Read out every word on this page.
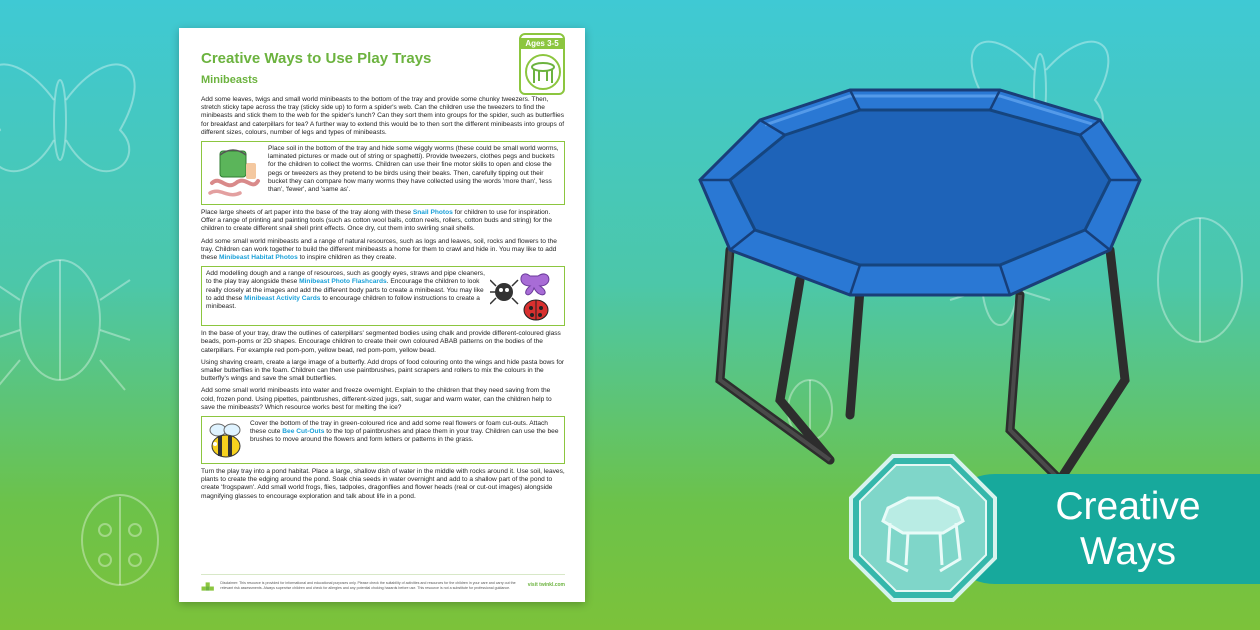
Creative Ways to Use Play Trays
Minibeasts
Ages 3-5
Add some leaves, twigs and small world minibeasts to the bottom of the tray and provide some chunky tweezers. Then, stretch sticky tape across the tray (sticky side up) to form a spider's web. Can the children use the tweezers to find the minibeasts and stick them to the web for the spider's lunch? Can they sort them into groups for the spider, such as butterflies for breakfast and caterpillars for tea? A further way to extend this would be to then sort the different minibeasts into groups of different sizes, colours, number of legs and types of minibeasts.
Place soil in the bottom of the tray and hide some wiggly worms (these could be small world worms, laminated pictures or made out of string or spaghetti). Provide tweezers, clothes pegs and buckets for the children to collect the worms. Children can use their fine motor skills to open and close the pegs or tweezers as they pretend to be birds using their beaks. Then, carefully tipping out their bucket they can compare how many worms they have collected using the words 'more than', 'less than', 'fewer', and 'same as'.
Place large sheets of art paper into the base of the tray along with these Snail Photos for children to use for inspiration. Offer a range of printing and painting tools (such as cotton wool balls, cotton reels, rollers, cotton buds and string) for the children to create different snail shell print effects. Once dry, cut them into swirling snail shells.
Add some small world minibeasts and a range of natural resources, such as logs and leaves, soil, rocks and flowers to the tray. Children can work together to build the different minibeasts a home for them to crawl and hide in. You may like to add these Minibeast Habitat Photos to inspire children as they create.
Add modelling dough and a range of resources, such as googly eyes, straws and pipe cleaners, to the play tray alongside these Minibeast Photo Flashcards. Encourage the children to look really closely at the images and add the different body parts to create a minibeast. You may like to add these Minibeast Activity Cards to encourage children to follow instructions to create a minibeast.
In the base of your tray, draw the outlines of caterpillars' segmented bodies using chalk and provide different-coloured glass beads, pom-poms or 2D shapes. Encourage children to create their own coloured ABAB patterns on the bodies of the caterpillars. For example red pom-pom, yellow bead, red pom-pom, yellow bead.
Using shaving cream, create a large image of a butterfly. Add drops of food colouring onto the wings and hide pasta bows for smaller butterflies in the foam. Children can then use paintbrushes, paint scrapers and rollers to mix the colours in the butterfly's wings and save the small butterflies.
Add some small world minibeasts into water and freeze overnight. Explain to the children that they need saving from the cold, frozen pond. Using pipettes, paintbrushes, different-sized jugs, salt, sugar and warm water, can the children help to save the minibeasts? Which resource works best for melting the ice?
Cover the bottom of the tray in green-coloured rice and add some real flowers or foam cut-outs. Attach these cute Bee Cut-Outs to the top of paintbrushes and place them in your tray. Children can use the bee brushes to move around the flowers and form letters or patterns in the grass.
Turn the play tray into a pond habitat. Place a large, shallow dish of water in the middle with rocks around it. Use soil, leaves, plants to create the edging around the pond. Soak chia seeds in water overnight and add to a shallow part of the pond to create 'frogspawn'. Add small world frogs, flies, tadpoles, dragonflies and flower heads (real or cut-out images) alongside magnifying glasses to encourage exploration and talk about life in a pond.
Disclaimer: This resource is provided for informational and educational purposes only. Please check the suitability of activities and resources for the children in your care and carry out the relevant risk assessments. Always supervise children and check for allergies and any potential choking hazards before use. This resource is not a substitute for professional guidance.	visit twinkl.com
Creative
Ways
